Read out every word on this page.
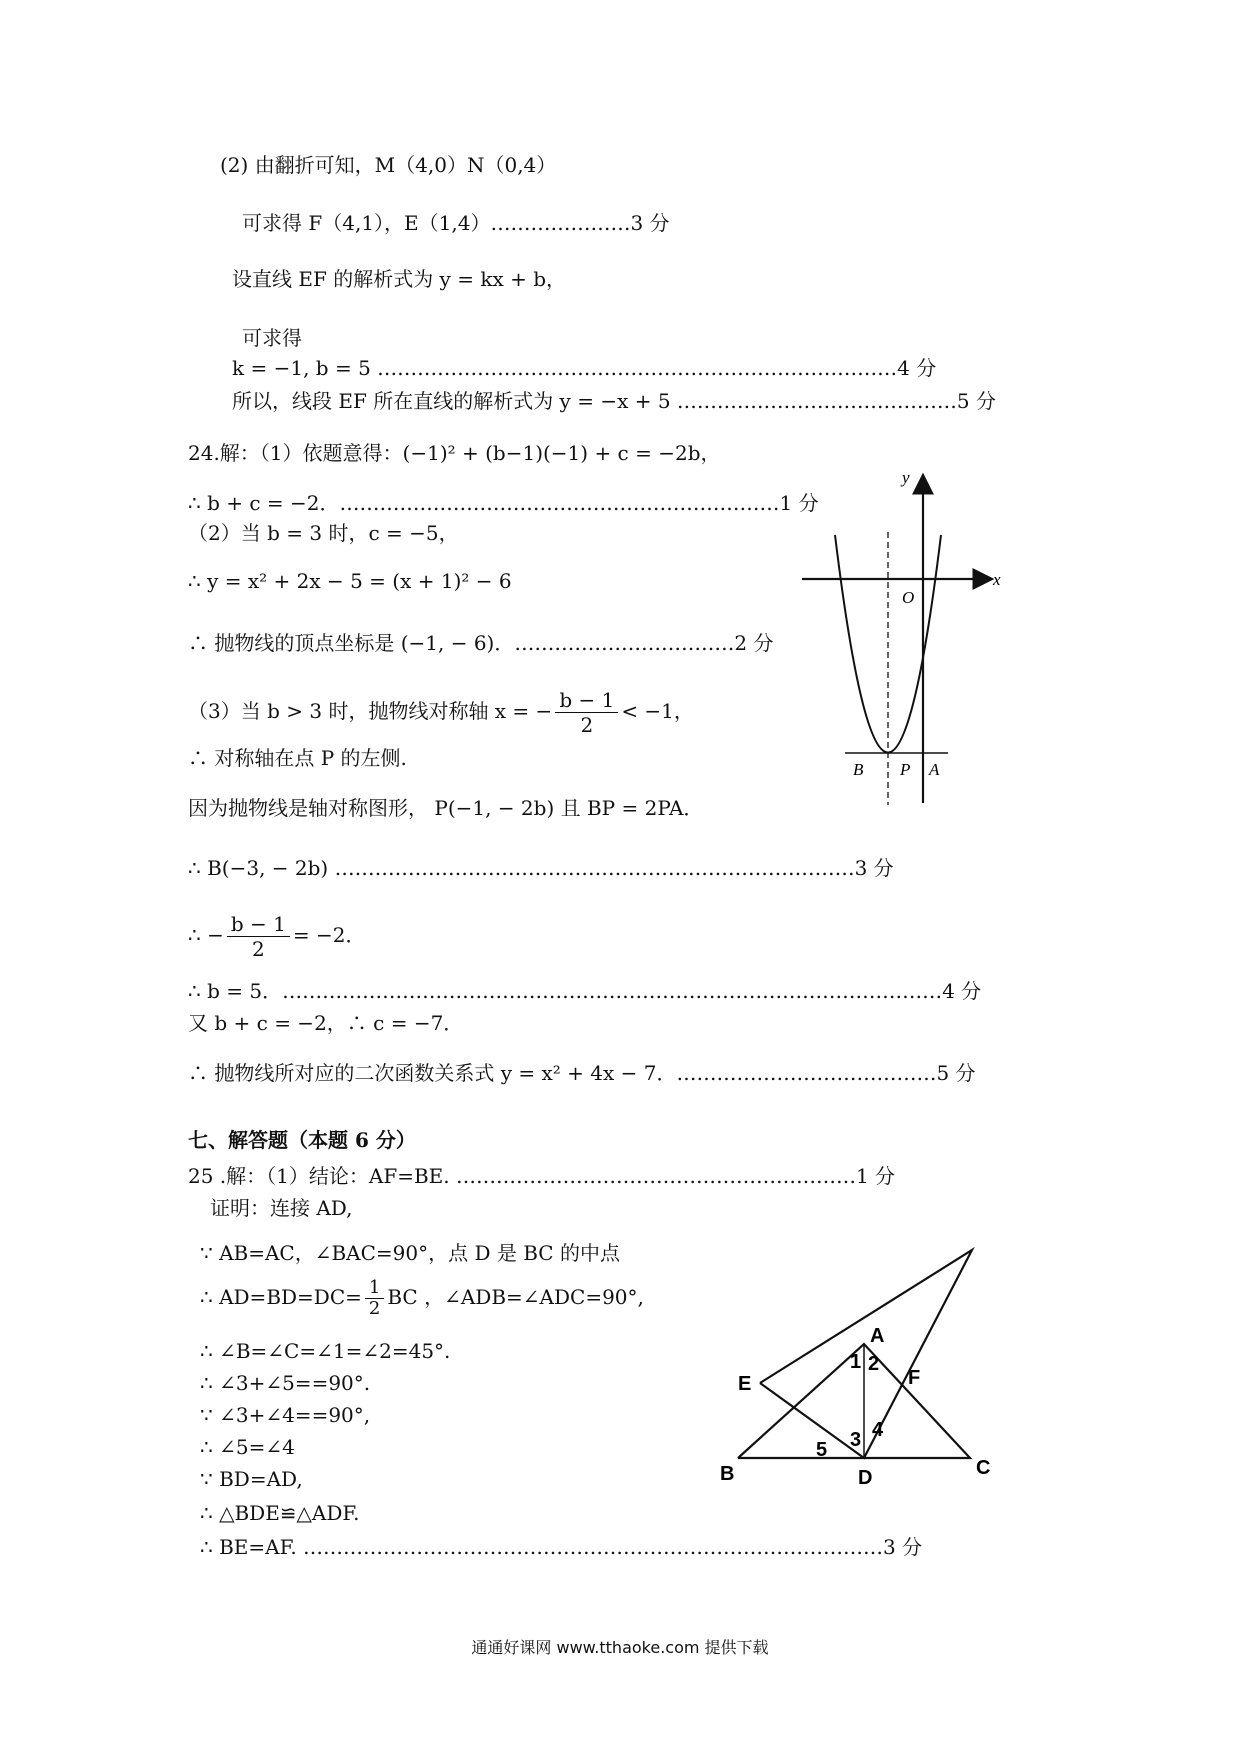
(2) 由翻折可知，M（4,0）N（0,4）
可求得 F（4,1），E（1,4）…………………3 分
设直线 EF 的解析式为 y = kx + b，
可求得
k = −1, b = 5 ……………………………………………………………………4 分
所以，线段 EF 所在直线的解析式为 y = −x + 5 ……………………………………5 分
24.解：（1）依题意得：(−1)² + (b−1)(−1) + c = −2b，
∴ b + c = −2．…………………………………………………………1 分
（2）当 b = 3 时，c = −5，
∴ y = x² + 2x − 5 = (x + 1)² − 6
∴ 抛物线的顶点坐标是 (−1, − 6)．……………………………2 分
（3）当 b > 3 时，抛物线对称轴 x = − $\frac{b - 1}{2} < -1$，
∴ 对称轴在点 P 的左侧.
因为抛物线是轴对称图形， P(−1, − 2b) 且 BP = 2PA．
∴ B(−3, − 2b) ……………………………………………………………………3 分
∴ − $\frac{b - 1}{2} = -2$．
∴ b = 5．………………………………………………………………………………………4 分
又 b + c = −2，∴ c = −7．
∴ 抛物线所对应的二次函数关系式 y = x² + 4x − 7．…………………………………5 分
y
x
O
B P A
七、解答题（本题 6 分）
25 .解：（1）结论：AF=BE. ……………………………………………………1 分
证明：连接 AD,
∵ AB=AC，∠BAC=90°，点 D 是 BC 的中点
∴ $AD=BD=DC= \frac{1}{2}$ BC ，∠ADB=∠ADC=90°,
∴ ∠B=∠C=∠1=∠2=45°.
∴ ∠3+∠5==90°.
∵ ∠3+∠4==90°,
∴ ∠5=∠4
∵ BD=AD,
∴ △BDE≌△ADF.
∴ BE=AF. ……………………………………………………………………………3 分
A
E	F
B	D	C
1 2
3 4
5
通通好课网 www.tthaoke.com 提供下载
